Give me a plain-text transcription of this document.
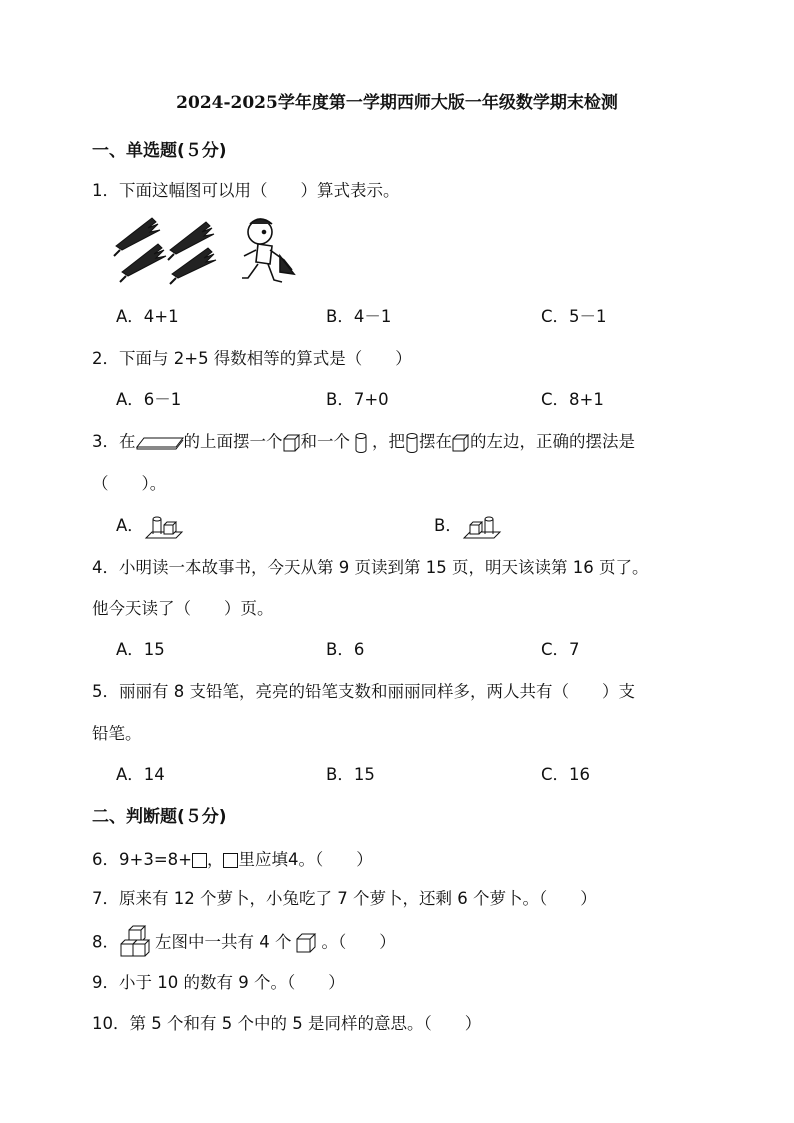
2024-2025学年度第一学期西师大版一年级数学期末检测
一、单选题(５分)
1．下面这幅图可以用（　　）算式表示。
A．4+1	B．4－1	C．5－1
2．下面与 2+5 得数相等的算式是（　　）
A．6－1	B．7+0	C．8+1
3．在	的上面摆一个 和一个 ，把 摆在 的左边，正确的摆法是
（　　）。
A．	B．
4．小明读一本故事书，今天从第 9 页读到第 15 页，明天该读第 16 页了。
他今天读了（　　）页。
A．15	B．6	C．7
5．丽丽有 8 支铅笔，亮亮的铅笔支数和丽丽同样多，两人共有（　　）支
铅笔。
A．14	B．15	C．16
二、判断题(５分)
6．9+3=8+ ， 里应填4。（　　）
7．原来有 12 个萝卜，小兔吃了 7 个萝卜，还剩 6 个萝卜。（　　）
8． 左图中一共有 4 个 。（　　）
9．小于 10 的数有 9 个。（　　）
10．第 5 个和有 5 个中的 5 是同样的意思。（　　）
